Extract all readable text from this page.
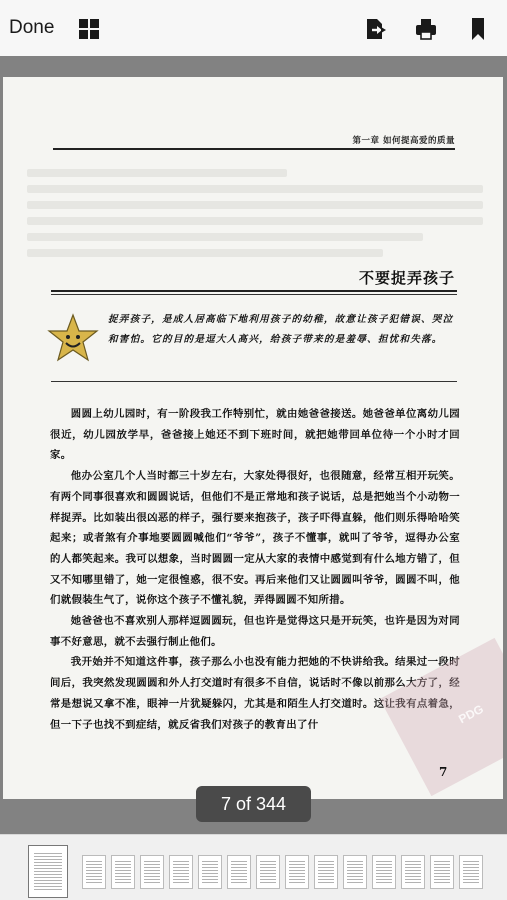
Done
第一章 如何提高爱的质量
不要捉弄孩子
捉弄孩子，是成人居高临下地利用孩子的幼稚，故意让孩子犯错误、哭泣和害怕。它的目的是逗大人高兴，给孩子带来的是羞辱、担忧和失落。

圆圆上幼儿园时，有一阶段我工作特别忙，就由她爸爸接送。她爸爸单位离幼儿园很近，幼儿园放学早，爸爸接上她还不到下班时间，就把她带回单位待一个小时才回家。

他办公室几个人当时都三十岁左右，大家处得很好，也很随意，经常互相开玩笑。有两个同事很喜欢和圆圆说话，但他们不是正常地和孩子说话，总是把她当个小动物一样捉弄。比如装出很凶恶的样子，强行要来抱孩子，孩子吓得直躲，他们则乐得哈哈笑起来；或者煞有介事地要圆圆喊他们“爷爷”，孩子不懂事，就叫了爷爷，逗得办公室的人都笑起来。我可以想象，当时圆圆一定从大家的表情中感觉到有什么地方错了，但又不知哪里错了，她一定很惶惑，很不安。再后来他们又让圆圆叫爷爷，圆圆不叫，他们就假装生气了，说你这个孩子不懂礼貌，弄得圆圆不知所措。

她爸爸也不喜欢别人那样逗圆圆玩，但也许是觉得这只是开玩笑，也许是因为对同事不好意思，就不去强行制止他们。

我开始并不知道这件事，孩子那么小也没有能力把她的不快讲给我。结果过一段时间后，我突然发现圆圆和外人打交道时有很多不自信，说话时不像以前那么大方了，经常是想说又拿不准，眼神一片犹疑躲闪，尤其是和陌生人打交道时。这让我有点着急，但一下子也找不到症结，就反省我们对孩子的教育出了什	PDG
7
7 of 344
